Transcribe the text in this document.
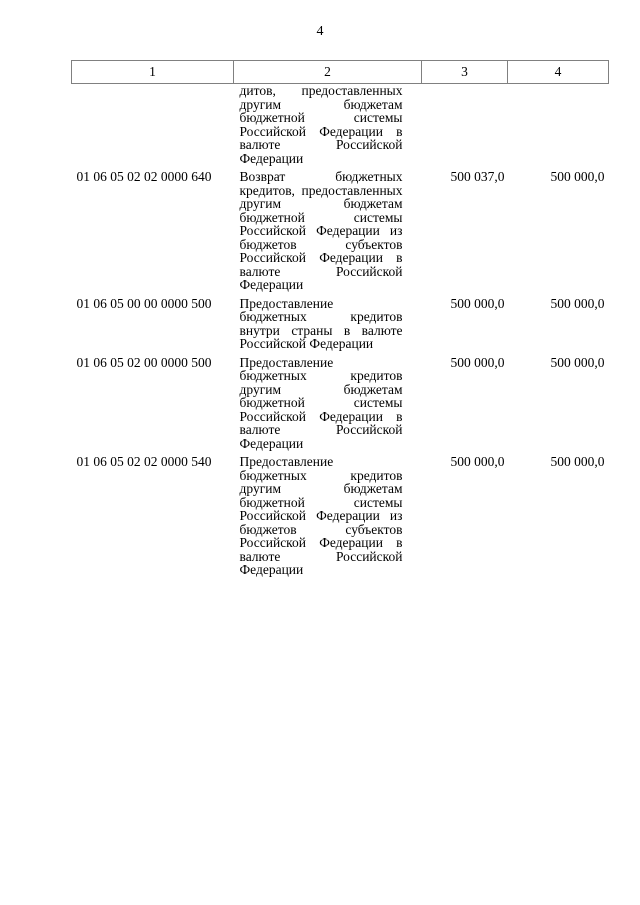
4
1	2	3	4
	дитов, предоставленных другим бюджетам бюджетной системы Российской Федерации в валюте Российской Федерации		
01 06 05 02 02 0000 640	Возврат бюджетных кредитов, предоставленных другим бюджетам бюджетной системы Российской Федерации из бюджетов субъектов Российской Федерации в валюте Российской Федерации	500 037,0	500 000,0
01 06 05 00 00 0000 500	Предоставление бюджетных кредитов внутри страны в валюте Российской Федерации	500 000,0	500 000,0
01 06 05 02 00 0000 500	Предоставление бюджетных кредитов другим бюджетам бюджетной системы Российской Федерации в валюте Российской Федерации	500 000,0	500 000,0
01 06 05 02 02 0000 540	Предоставление бюджетных кредитов другим бюджетам бюджетной системы Российской Федерации из бюджетов субъектов Российской Федерации в валюте Российской Федерации	500 000,0	500 000,0
